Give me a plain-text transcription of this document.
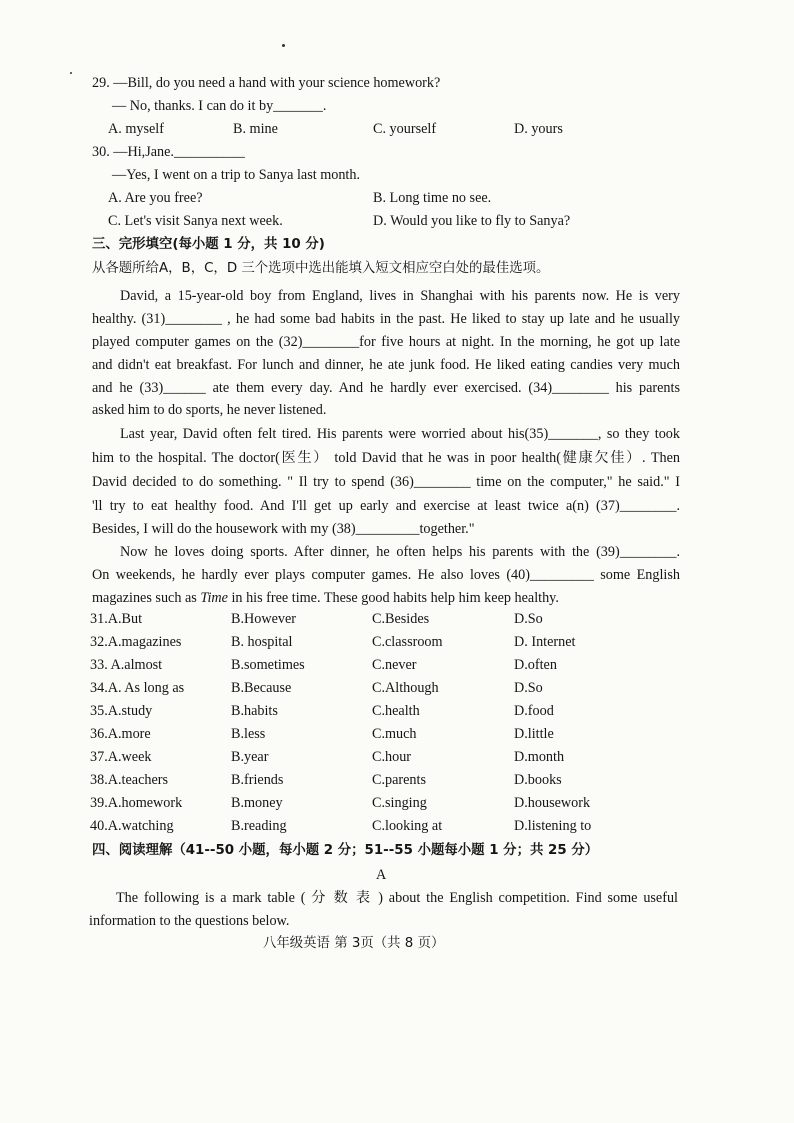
29. —Bill, do you need a hand with your science homework?
— No, thanks. I can do it by_______.
A. myself	B. mine	C. yourself	D. yours
30. —Hi,Jane.__________
—Yes, I went on a trip to Sanya last month.
A. Are you free?	B. Long time no see.
C. Let's visit Sanya next week.	D. Would you like to fly to Sanya?
三、完形填空(每小题 1 分，共 10 分)
从各题所给A，B，C，D 三个选项中选出能填入短文相应空白处的最佳选项。
David, a 15-year-old boy from England, lives in Shanghai with his parents now. He is very
healthy. (31)________ , he had some bad habits in the past. He liked to stay up late and he usually
played computer games on the (32)________for five hours at night. In the morning, he got up late
and didn't eat breakfast. For lunch and dinner, he ate junk food. He liked eating candies very much
and he (33)______ ate them every day. And he hardly ever exercised. (34)________ his parents
asked him to do sports, he never listened.
Last year, David often felt tired. His parents were worried about his(35)_______, so they took
him to the hospital. The doctor(医生） told David that he was in poor health(健康欠佳）. Then
David decided to do something. " Il try to spend (36)________ time on the computer," he said." I
'll try to eat healthy food. And I'll get up early and exercise at least twice a(n) (37)________.
Besides, I will do the housework with my (38)_________together."
Now he loves doing sports. After dinner, he often helps his parents with the (39)________.
On weekends, he hardly ever plays computer games. He also loves (40)_________ some English
magazines such as Time in his free time. These good habits help him keep healthy.
31.A.But	B.However	C.Besides	D.So
32.A.magazines	B. hospital	C.classroom	D. Internet
33. A.almost	B.sometimes	C.never	D.often
34.A. As long as	B.Because	C.Although	D.So
35.A.study	B.habits	C.health	D.food
36.A.more	B.less	C.much	D.little
37.A.week	B.year	C.hour	D.month
38.A.teachers	B.friends	C.parents	D.books
39.A.homework	B.money	C.singing	D.housework
40.A.watching	B.reading	C.looking at	D.listening to
四、阅读理解（41--50 小题，每小题 2 分；51--55 小题每小题 1 分；共 25 分）
A
The following is a mark table ( 分 数 表 ) about the English competition. Find some useful
information to the questions below.
八年级英语 第 3页（共 8 页）
